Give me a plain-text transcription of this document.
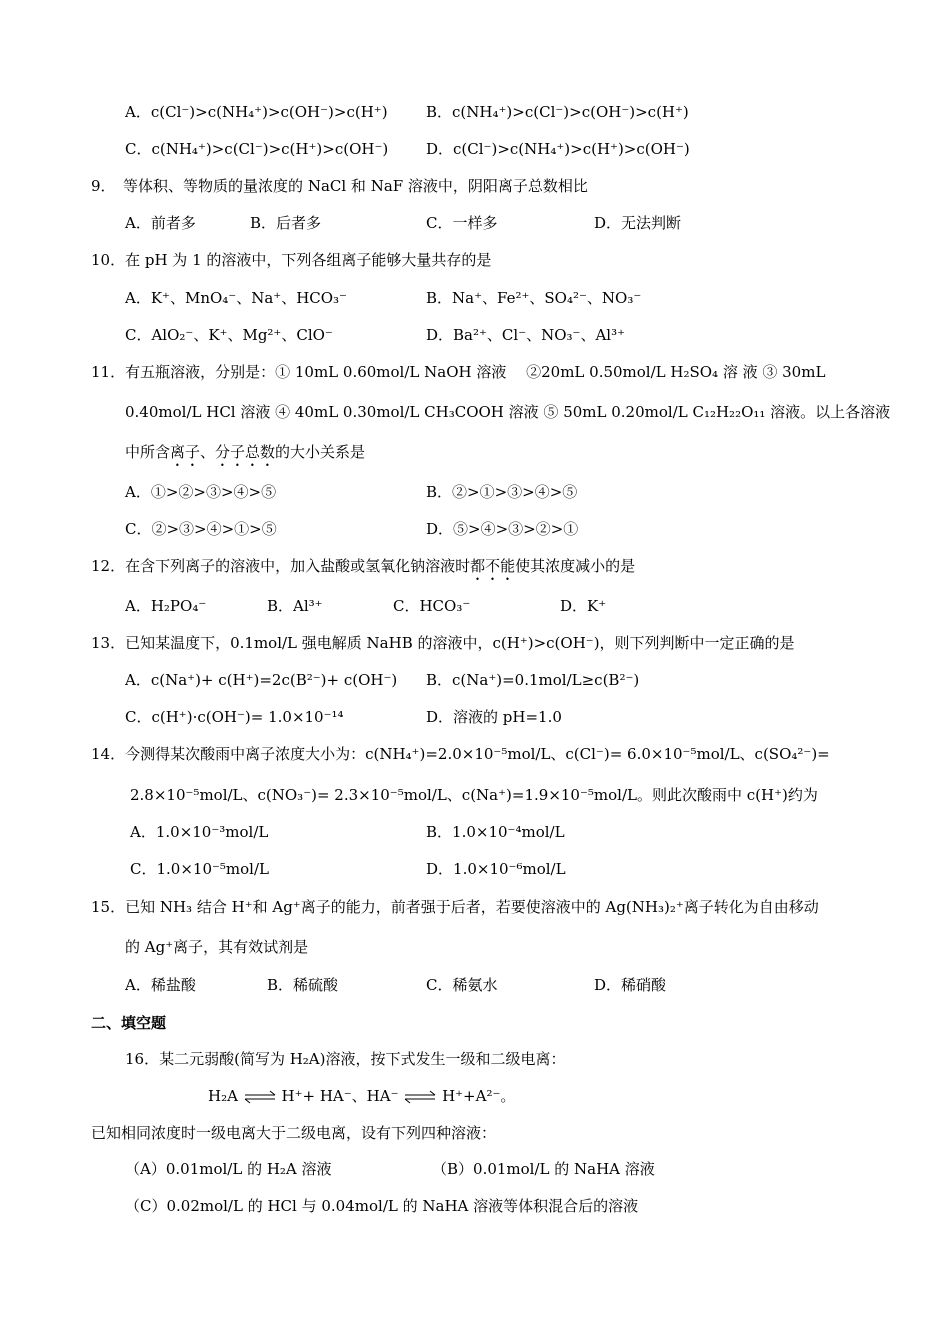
A．c(Cl⁻)>c(NH₄⁺)>c(OH⁻)>c(H⁺)	B．c(NH₄⁺)>c(Cl⁻)>c(OH⁻)>c(H⁺)
C．c(NH₄⁺)>c(Cl⁻)>c(H⁺)>c(OH⁻)	D．c(Cl⁻)>c(NH₄⁺)>c(H⁺)>c(OH⁻)
9．　等体积、等物质的量浓度的 NaCl 和 NaF 溶液中，阴阳离子总数相比
A．前者多	B．后者多	C．一样多	D．无法判断
10．在 pH 为 1 的溶液中，下列各组离子能够大量共存的是
A．K⁺、MnO₄⁻、Na⁺、HCO₃⁻	B．Na⁺、Fe²⁺、SO₄²⁻、NO₃⁻
C．AlO₂⁻、K⁺、Mg²⁺、ClO⁻	D．Ba²⁺、Cl⁻、NO₃⁻、Al³⁺
11．有五瓶溶液，分别是：① 10mL 0.60mol/L NaOH 溶液　 ②20mL 0.50mol/L H₂SO₄ 溶 液 ③ 30mL
0.40mol/L HCl 溶液 ④ 40mL 0.30mol/L CH₃COOH 溶液 ⑤ 50mL 0.20mol/L C₁₂H₂₂O₁₁ 溶液。以上各溶液
中所含离子、分子总数的大小关系是
A．①>②>③>④>⑤	B．②>①>③>④>⑤
C．②>③>④>①>⑤	D．⑤>④>③>②>①
12．在含下列离子的溶液中，加入盐酸或氢氧化钠溶液时都不能使其浓度减小的是
A．H₂PO₄⁻	B．Al³⁺	C．HCO₃⁻	D．K⁺
13．已知某温度下，0.1mol/L 强电解质 NaHB 的溶液中，c(H⁺)>c(OH⁻)，则下列判断中一定正确的是
A．c(Na⁺)+ c(H⁺)=2c(B²⁻)+ c(OH⁻) B．c(Na⁺)=0.1mol/L≥c(B²⁻)
C．c(H⁺)·c(OH⁻)= 1.0×10⁻¹⁴	D．溶液的 pH=1.0
14．今测得某次酸雨中离子浓度大小为：c(NH₄⁺)=2.0×10⁻⁵mol/L、c(Cl⁻)= 6.0×10⁻⁵mol/L、c(SO₄²⁻)=
2.8×10⁻⁵mol/L、c(NO₃⁻)= 2.3×10⁻⁵mol/L、c(Na⁺)=1.9×10⁻⁵mol/L。则此次酸雨中 c(H⁺)约为
A．1.0×10⁻³mol/L	B．1.0×10⁻⁴mol/L
C．1.0×10⁻⁵mol/L	D．1.0×10⁻⁶mol/L
15．已知 NH₃ 结合 H⁺和 Ag⁺离子的能力，前者强于后者，若要使溶液中的 Ag(NH₃)₂⁺离子转化为自由移动
的 Ag⁺离子，其有效试剂是
A．稀盐酸	B．稀硫酸	C．稀氨水	D．稀硝酸
二、填空题
16．某二元弱酸(简写为 H₂A)溶液，按下式发生一级和二级电离：
H₂A ⇌ H⁺+ HA⁻、HA⁻ ⇌ H⁺+A²⁻。
已知相同浓度时一级电离大于二级电离，设有下列四种溶液：
（A）0.01mol/L 的 H₂A 溶液	（B）0.01mol/L 的 NaHA 溶液
（C）0.02mol/L 的 HCl 与 0.04mol/L 的 NaHA 溶液等体积混合后的溶液
